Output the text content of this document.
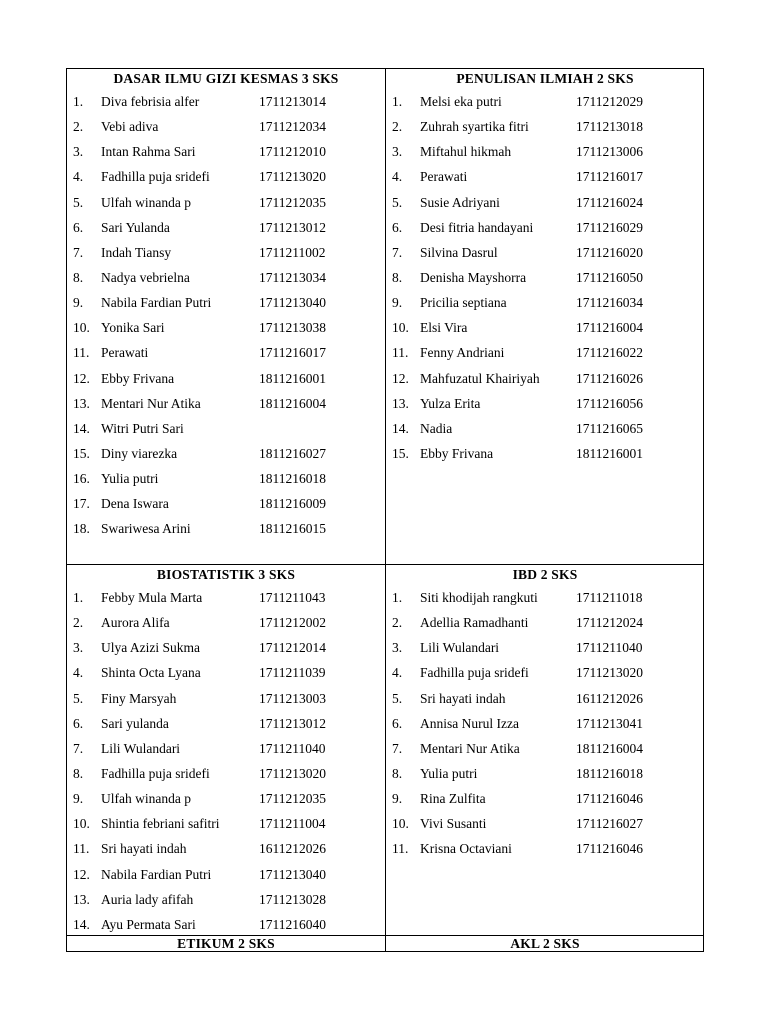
DASAR ILMU GIZI KESMAS 3 SKS
1.	Diva febrisia alfer	1711213014
2.	Vebi adiva	1711212034
3.	Intan Rahma Sari	1711212010
4.	Fadhilla puja sridefi	1711213020
5.	Ulfah winanda p	1711212035
6.	Sari Yulanda	1711213012
7.	Indah Tiansy	1711211002
8.	Nadya vebrielna	1711213034
9.	Nabila Fardian Putri	1711213040
10. Yonika Sari	1711213038
11. Perawati	1711216017
12. Ebby Frivana	1811216001
13. Mentari Nur Atika	1811216004
14. Witri Putri Sari
15. Diny viarezka	1811216027
16. Yulia putri	1811216018
17. Dena Iswara	1811216009
18. Swariwesa Arini	1811216015
PENULISAN ILMIAH 2 SKS
1.	Melsi eka putri	1711212029
2.	Zuhrah syartika fitri	1711213018
3.	Miftahul hikmah	1711213006
4.	Perawati	1711216017
5.	Susie Adriyani	1711216024
6.	Desi fitria handayani	1711216029
7.	Silvina Dasrul	1711216020
8.	Denisha Mayshorra	1711216050
9.	Pricilia septiana	1711216034
10. Elsi Vira	1711216004
11. Fenny Andriani	1711216022
12. Mahfuzatul Khairiyah	1711216026
13. Yulza Erita	1711216056
14. Nadia	1711216065
15. Ebby Frivana	1811216001
BIOSTATISTIK 3 SKS
1.	Febby Mula Marta	1711211043
2.	Aurora Alifa	1711212002
3.	Ulya Azizi Sukma	1711212014
4.	Shinta Octa Lyana	1711211039
5.	Finy Marsyah	1711213003
6.	Sari yulanda	1711213012
7.	Lili Wulandari	1711211040
8.	Fadhilla puja sridefi	1711213020
9.	Ulfah winanda p	1711212035
10. Shintia febriani safitri	1711211004
11. Sri hayati indah	1611212026
12. Nabila Fardian Putri	1711213040
13. Auria lady afifah	1711213028
14. Ayu Permata Sari	1711216040
IBD 2 SKS
1.	Siti khodijah rangkuti	1711211018
2.	Adellia Ramadhanti	1711212024
3.	Lili Wulandari	1711211040
4.	Fadhilla puja sridefi	1711213020
5.	Sri hayati indah	1611212026
6.	Annisa Nurul Izza	1711213041
7.	Mentari Nur Atika	1811216004
8.	Yulia putri	1811216018
9.	Rina Zulfita	1711216046
10. Vivi Susanti	1711216027
11. Krisna Octaviani	1711216046
ETIKUM 2 SKS	AKL 2 SKS
